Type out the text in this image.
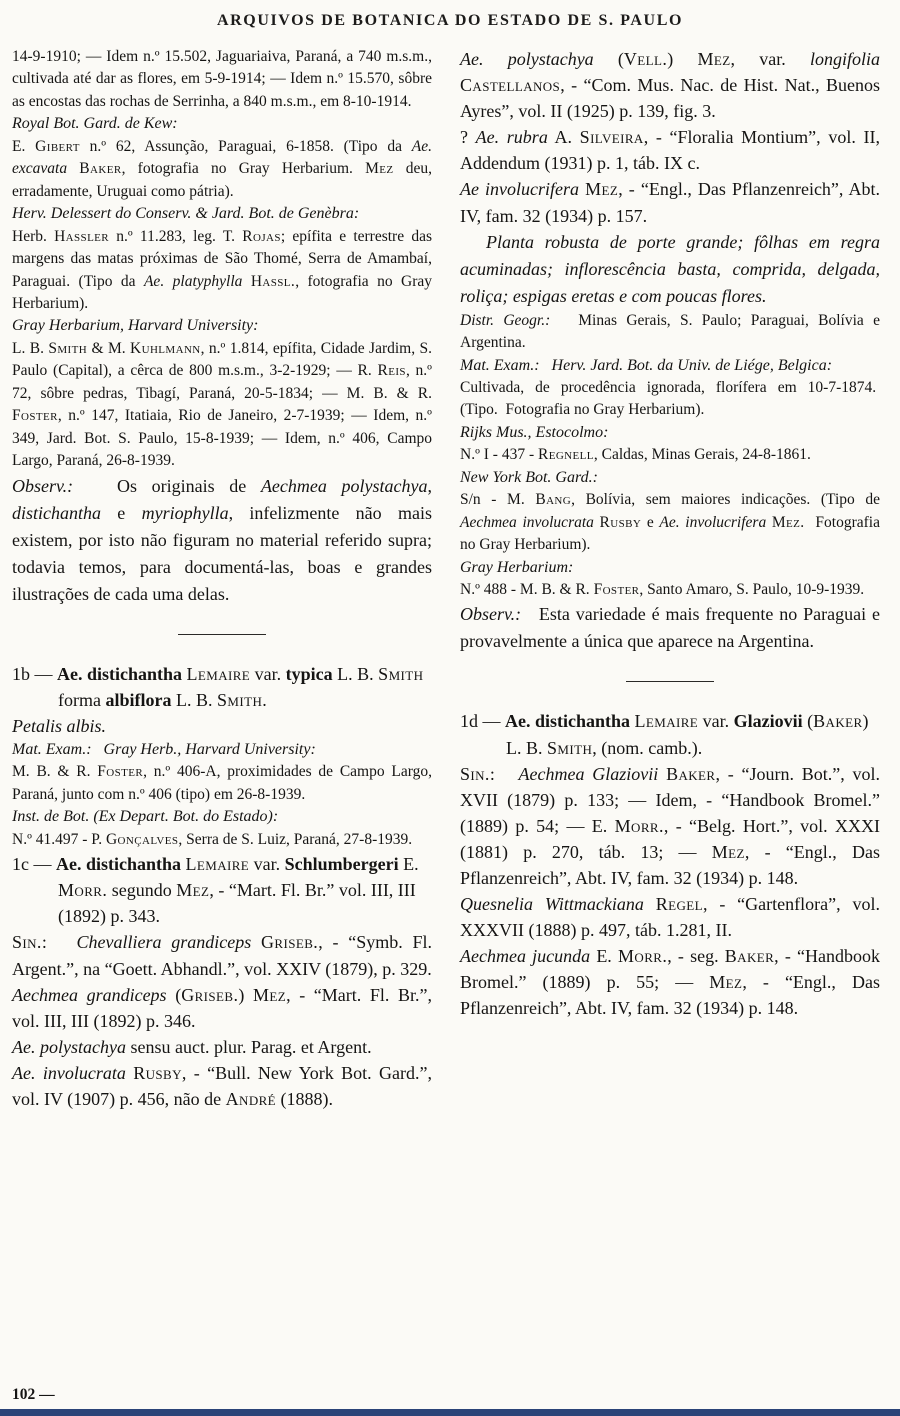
ARQUIVOS DE BOTANICA DO ESTADO DE S. PAULO

14-9-1910; — Idem n.º 15.502, Jaguariaiva, Paraná, a 740 m.s.m., cultivada até dar as flores, em 5-9-1914; — Idem n.º 15.570, sôbre as encostas das rochas de Serrinha, a 840 m.s.m., em 8-10-1914.

Royal Bot. Gard. de Kew:

E. Gibert n.º 62, Assunção, Paraguai, 6-1858. (Tipo da Ae. excavata Baker, fotografia no Gray Herbarium. Mez deu, erradamente, Uruguai como pátria).

Herv. Delessert do Conserv. & Jard. Bot. de Genèbra:

Herb. Hassler n.º 11.283, leg. T. Rojas; epífita e terrestre das margens das matas próximas de São Thomé, Serra de Amambaí, Paraguai. (Tipo da Ae. platyphylla Hassl., fotografia no Gray Herbarium).

Gray Herbarium, Harvard University:

L. B. Smith & M. Kuhlmann, n.º 1.814, epífita, Cidade Jardim, S. Paulo (Capital), a cêrca de 800 m.s.m., 3-2-1929; — R. Reis, n.º 72, sôbre pedras, Tibagí, Paraná, 20-5-1834; — M. B. & R. Foster, n.º 147, Itatiaia, Rio de Janeiro, 2-7-1939; — Idem, n.º 349, Jard. Bot. S. Paulo, 15-8-1939; — Idem, n.º 406, Campo Largo, Paraná, 26-8-1939.

Observ.:   Os originais de Aechmea polystachya, distichantha e myriophylla, infelizmente não mais existem, por isto não figuram no material referido supra; todavia temos, para documentá-las, boas e grandes ilustrações de cada uma delas.

1b — Ae. distichantha Lemaire var. typica L. B. Smith forma albiflora L. B. Smith.

Petalis albis.

Mat. Exam.:   Gray Herb., Harvard University:

M. B. & R. Foster, n.º 406-A, proximidades de Campo Largo, Paraná, junto com n.º 406 (tipo) em 26-8-1939.

Inst. de Bot. (Ex Depart. Bot. do Estado):

N.º 41.497 - P. Gonçalves, Serra de S. Luiz, Paraná, 27-8-1939.

1c — Ae. distichantha Lemaire var. Schlumbergeri E. Morr. segundo Mez, - “Mart. Fl. Br.” vol. III, III (1892) p. 343.

Sin.: Chevalliera grandiceps Griseb., - “Symb. Fl. Argent.”, na “Goett. Abhandl.”, vol. XXIV (1879), p. 329.

Aechmea grandiceps (Griseb.) Mez, - “Mart. Fl. Br.”, vol. III, III (1892) p. 346.

Ae. polystachya sensu auct. plur. Parag. et Argent.

Ae. involucrata Rusby, - “Bull. New York Bot. Gard.”, vol. IV (1907) p. 456, não de André (1888).

Ae. polystachya (Vell.) Mez, var. longifolia Castellanos, - “Com. Mus. Nac. de Hist. Nat., Buenos Ayres”, vol. II (1925) p. 139, fig. 3.

? Ae. rubra A. Silveira, - “Floralia Montium”, vol. II, Addendum (1931) p. 1, táb. IX c.

Ae involucrifera Mez, - “Engl., Das Pflanzenreich”, Abt. IV, fam. 32 (1934) p. 157.

Planta robusta de porte grande; fôlhas em regra acuminadas; inflorescência basta, comprida, delgada, roliça; espigas eretas e com poucas flores.

Distr. Geogr.:   Minas Gerais, S. Paulo; Paraguai, Bolívia e Argentina.

Mat. Exam.:   Herv. Jard. Bot. da Univ. de Liége, Belgica:

Cultivada, de procedência ignorada, florífera em 10-7-1874.  (Tipo.  Fotografia no Gray Herbarium).

Rijks Mus., Estocolmo:

N.º I - 437 - Regnell, Caldas, Minas Gerais, 24-8-1861.

New York Bot. Gard.:

S/n - M. Bang, Bolívia, sem maiores indicações. (Tipo de Aechmea involucrata Rusby e Ae. involucrifera Mez.  Fotografia no Gray Herbarium).

Gray Herbarium:

N.º 488 - M. B. & R. Foster, Santo Amaro, S. Paulo, 10-9-1939.

Observ.:   Esta variedade é mais frequente no Paraguai e provavelmente a única que aparece na Argentina.

1d — Ae. distichantha Lemaire var. Glaziovii (Baker) L. B. Smith, (nom. camb.).

Sin.: Aechmea Glaziovii Baker, - “Journ. Bot.”, vol. XVII (1879) p. 133; — Idem, - “Handbook Bromel.” (1889) p. 54; — E. Morr., - “Belg. Hort.”, vol. XXXI (1881) p. 270, táb. 13; — Mez, - “Engl., Das Pflanzenreich”, Abt. IV, fam. 32 (1934) p. 148.

Quesnelia Wittmackiana Regel, - “Gartenflora”, vol. XXXVII (1888) p. 497, táb. 1.281, II.

Aechmea jucunda E. Morr., - seg. Baker, - “Handbook Bromel.” (1889) p. 55; — Mez, - “Engl., Das Pflanzenreich”, Abt. IV, fam. 32 (1934) p. 148.

102 —
